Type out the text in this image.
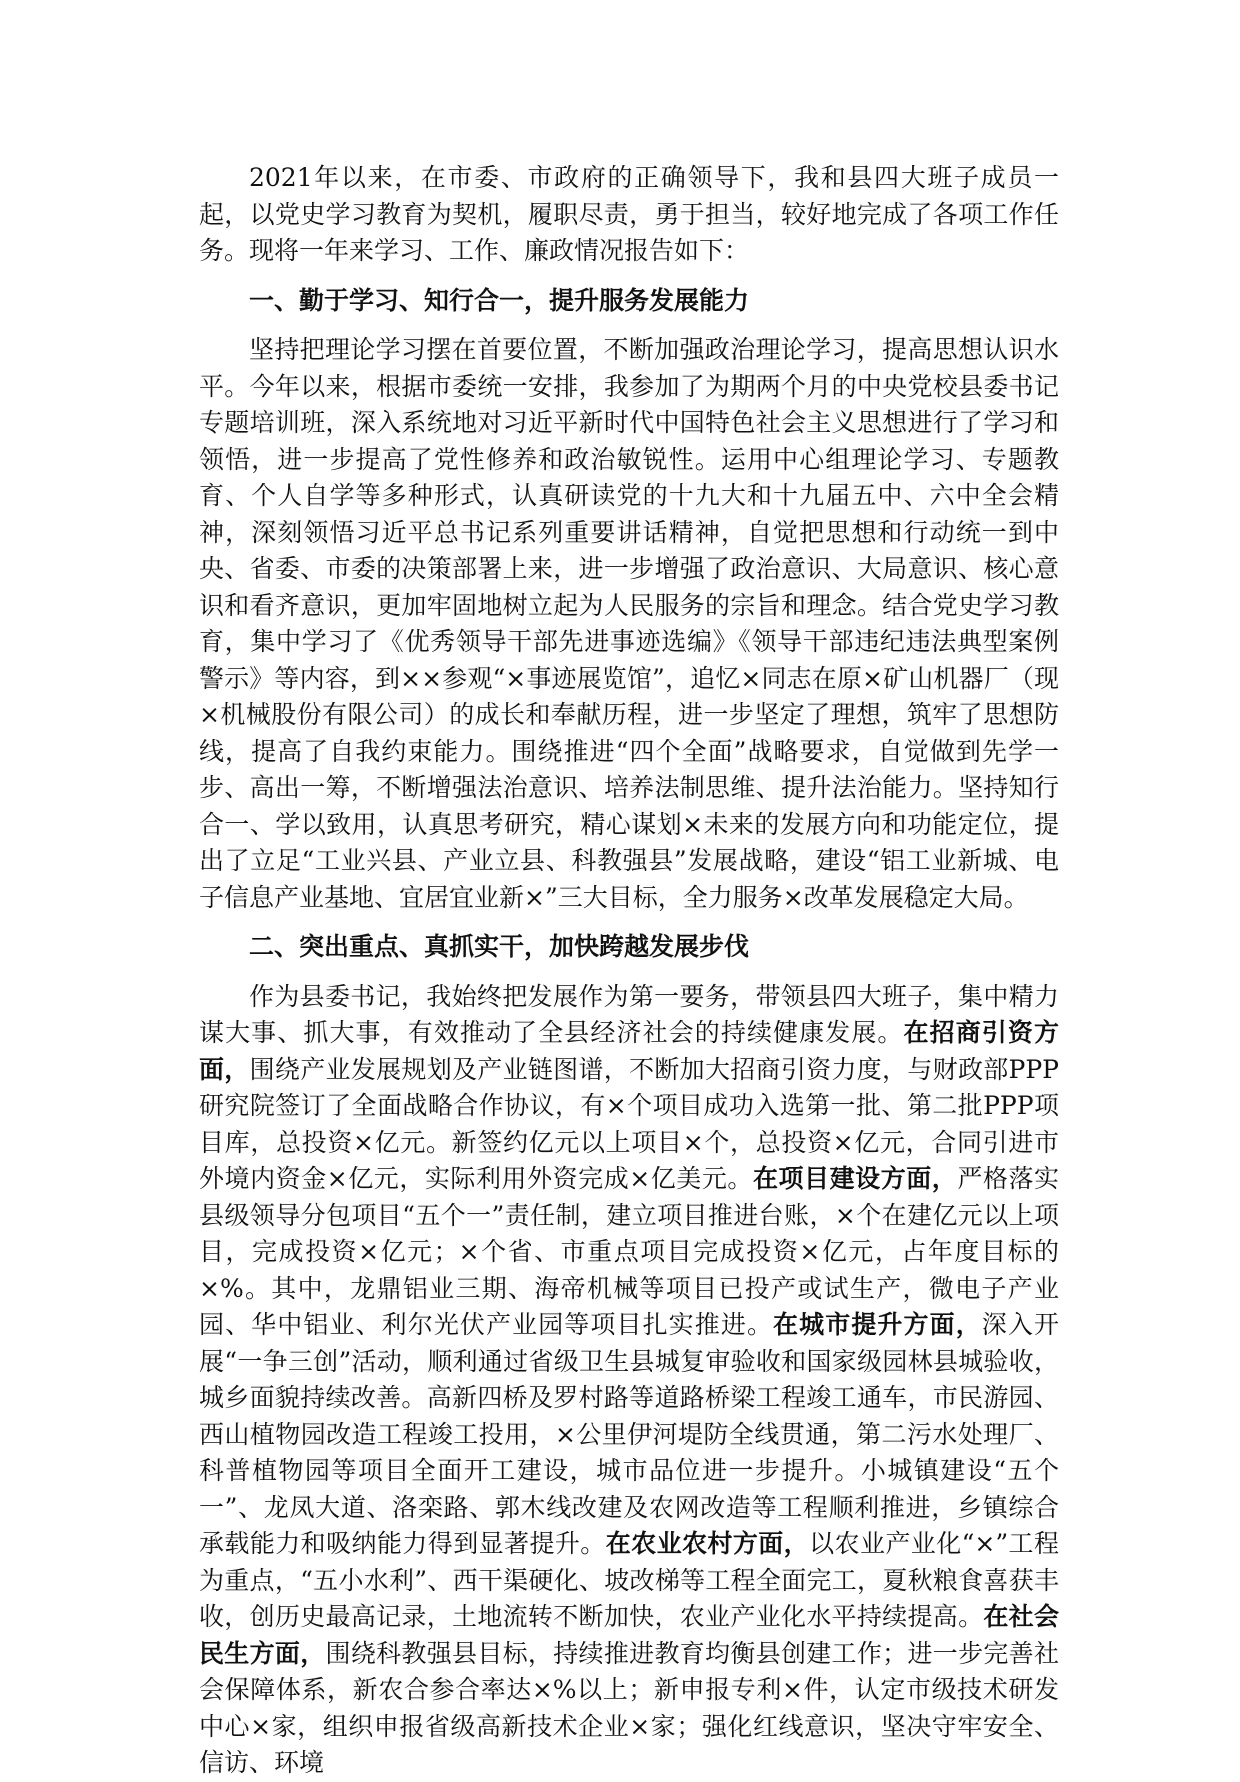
2021年以来，在市委、市政府的正确领导下，我和县四大班子成员一起，以党史学习教育为契机，履职尽责，勇于担当，较好地完成了各项工作任务。现将一年来学习、工作、廉政情况报告如下：

一、勤于学习、知行合一，提升服务发展能力

坚持把理论学习摆在首要位置，不断加强政治理论学习，提高思想认识水平。今年以来，根据市委统一安排，我参加了为期两个月的中央党校县委书记专题培训班，深入系统地对习近平新时代中国特色社会主义思想进行了学习和领悟，进一步提高了党性修养和政治敏锐性。运用中心组理论学习、专题教育、个人自学等多种形式，认真研读党的十九大和十九届五中、六中全会精神，深刻领悟习近平总书记系列重要讲话精神，自觉把思想和行动统一到中央、省委、市委的决策部署上来，进一步增强了政治意识、大局意识、核心意识和看齐意识，更加牢固地树立起为人民服务的宗旨和理念。结合党史学习教育，集中学习了《优秀领导干部先进事迹选编》《领导干部违纪违法典型案例警示》等内容，到××参观“×事迹展览馆”，追忆×同志在原×矿山机器厂（现×机械股份有限公司）的成长和奉献历程，进一步坚定了理想，筑牢了思想防线，提高了自我约束能力。围绕推进“四个全面”战略要求，自觉做到先学一步、高出一筹，不断增强法治意识、培养法制思维、提升法治能力。坚持知行合一、学以致用，认真思考研究，精心谋划×未来的发展方向和功能定位，提出了立足“工业兴县、产业立县、科教强县”发展战略，建设“铝工业新城、电子信息产业基地、宜居宜业新×”三大目标，全力服务×改革发展稳定大局。

二、突出重点、真抓实干，加快跨越发展步伐

作为县委书记，我始终把发展作为第一要务，带领县四大班子，集中精力谋大事、抓大事，有效推动了全县经济社会的持续健康发展。在招商引资方面，围绕产业发展规划及产业链图谱，不断加大招商引资力度，与财政部PPP研究院签订了全面战略合作协议，有×个项目成功入选第一批、第二批PPP项目库，总投资×亿元。新签约亿元以上项目×个，总投资×亿元，合同引进市外境内资金×亿元，实际利用外资完成×亿美元。在项目建设方面，严格落实县级领导分包项目“五个一”责任制，建立项目推进台账，×个在建亿元以上项目，完成投资×亿元；×个省、市重点项目完成投资×亿元，占年度目标的×%。其中，龙鼎铝业三期、海帝机械等项目已投产或试生产，微电子产业园、华中铝业、利尔光伏产业园等项目扎实推进。在城市提升方面，深入开展“一争三创”活动，顺利通过省级卫生县城复审验收和国家级园林县城验收，城乡面貌持续改善。高新四桥及罗村路等道路桥梁工程竣工通车，市民游园、西山植物园改造工程竣工投用，×公里伊河堤防全线贯通，第二污水处理厂、科普植物园等项目全面开工建设，城市品位进一步提升。小城镇建设“五个一”、龙凤大道、洛栾路、郭木线改建及农网改造等工程顺利推进，乡镇综合承载能力和吸纳能力得到显著提升。在农业农村方面，以农业产业化“×”工程为重点，“五小水利”、西干渠硬化、坡改梯等工程全面完工，夏秋粮食喜获丰收，创历史最高记录，土地流转不断加快，农业产业化水平持续提高。在社会民生方面，围绕科教强县目标，持续推进教育均衡县创建工作；进一步完善社会保障体系，新农合参合率达×%以上；新申报专利×件，认定市级技术研发中心×家，组织申报省级高新技术企业×家；强化红线意识，坚决守牢安全、信访、环境
